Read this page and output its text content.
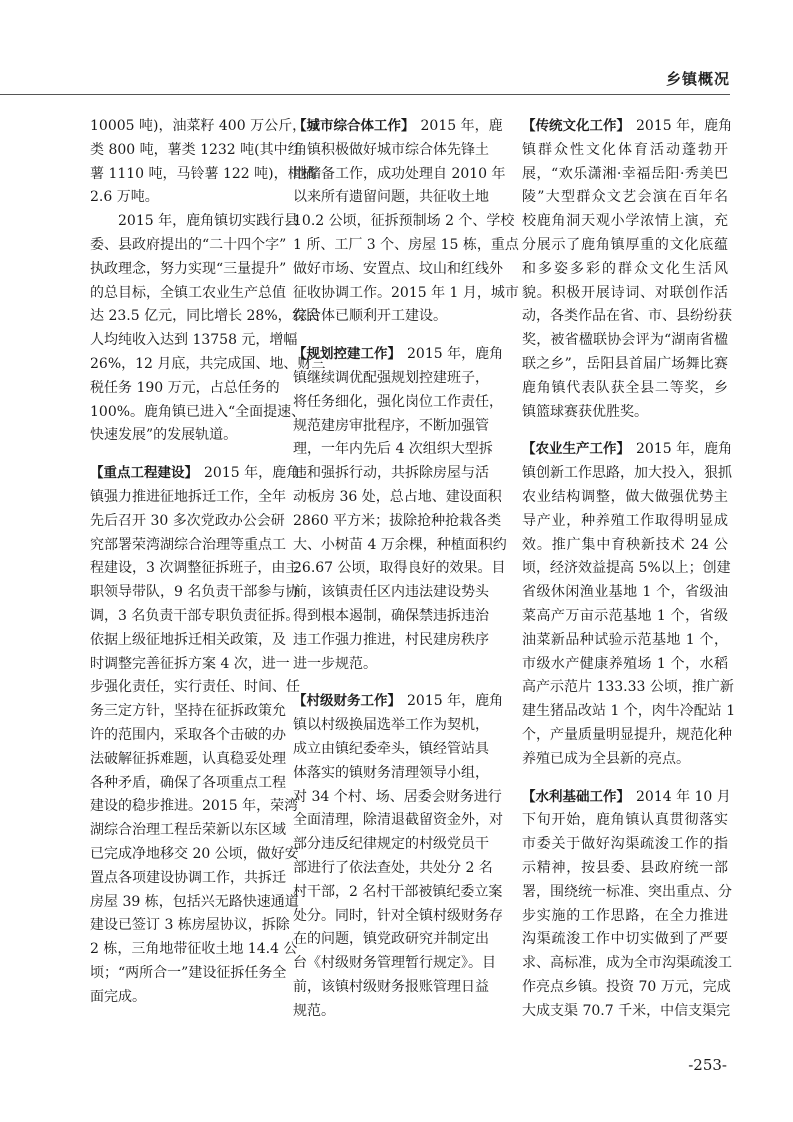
乡镇概况
10005 吨)，油菜籽 400 万公斤，豆
类 800 吨，薯类 1232 吨(其中红
薯 1110 吨，马铃薯 122 吨)，柑橘
2.6 万吨。
2015 年，鹿角镇切实践行县
委、县政府提出的“二十四个字”
执政理念，努力实现“三量提升”
的总目标，全镇工农业生产总值
达 23.5 亿元，同比增长 28%，农民
人均纯收入达到 13758 元，增幅
26%，12 月底，共完成国、地、财三
税任务 190 万元，占总任务的
100%。鹿角镇已进入“全面提速、
快速发展”的发展轨道。
【重点工程建设】 2015 年，鹿角
镇强力推进征地拆迁工作，全年
先后召开 30 多次党政办公会研
究部署荣湾湖综合治理等重点工
程建设，3 次调整征拆班子，由主
职领导带队，9 名负责干部参与协
调，3 名负责干部专职负责征拆。
依据上级征地拆迁相关政策，及
时调整完善征拆方案 4 次，进一
步强化责任，实行责任、时间、任
务三定方针，坚持在征拆政策允
许的范围内，采取各个击破的办
法破解征拆难题，认真稳妥处理
各种矛盾，确保了各项重点工程
建设的稳步推进。2015 年，荣湾
湖综合治理工程岳荣新以东区域
已完成净地移交 20 公顷，做好安
置点各项建设协调工作，共拆迁
房屋 39 栋，包括兴无路快速通道
建设已签订 3 栋房屋协议，拆除
2 栋，三角地带征收土地 14.4 公
顷；“两所合一”建设征拆任务全
面完成。
【城市综合体工作】 2015 年，鹿
角镇积极做好城市综合体先锋土
地储备工作，成功处理自 2010 年
以来所有遗留问题，共征收土地
10.2 公顷，征拆预制场 2 个、学校
1 所、工厂 3 个、房屋 15 栋，重点
做好市场、安置点、坟山和红线外
征收协调工作。2015 年 1 月，城市
综合体已顺利开工建设。
【规划控建工作】 2015 年，鹿角
镇继续调优配强规划控建班子，
将任务细化，强化岗位工作责任，
规范建房审批程序，不断加强管
理，一年内先后 4 次组织大型拆
违和强拆行动，共拆除房屋与活
动板房 36 处，总占地、建设面积
2860 平方米；拔除抢种抢栽各类
大、小树苗 4 万余棵，种植面积约
26.67 公顷，取得良好的效果。目
前，该镇责任区内违法建设势头
得到根本遏制，确保禁违拆违治
违工作强力推进，村民建房秩序
进一步规范。
【村级财务工作】 2015 年，鹿角
镇以村级换届选举工作为契机，
成立由镇纪委牵头，镇经管站具
体落实的镇财务清理领导小组，
对 34 个村、场、居委会财务进行
全面清理，除清退截留资金外，对
部分违反纪律规定的村级党员干
部进行了依法查处，共处分 2 名
村干部，2 名村干部被镇纪委立案
处分。同时，针对全镇村级财务存
在的问题，镇党政研究并制定出
台《村级财务管理暂行规定》。目
前，该镇村级财务报账管理日益
规范。
【传统文化工作】 2015 年，鹿角
镇群众性文化体育活动蓬勃开
展，“欢乐潇湘·幸福岳阳·秀美巴
陵”大型群众文艺会演在百年名
校鹿角洞天观小学浓情上演，充
分展示了鹿角镇厚重的文化底蕴
和多姿多彩的群众文化生活风
貌。积极开展诗词、对联创作活
动，各类作品在省、市、县纷纷获
奖，被省楹联协会评为“湖南省楹
联之乡”，岳阳县首届广场舞比赛
鹿角镇代表队获全县二等奖，乡
镇篮球赛获优胜奖。
【农业生产工作】 2015 年，鹿角
镇创新工作思路，加大投入，狠抓
农业结构调整，做大做强优势主
导产业，种养殖工作取得明显成
效。推广集中育秧新技术 24 公
顷，经济效益提高 5%以上；创建
省级休闲渔业基地 1 个，省级油
菜高产万亩示范基地 1 个，省级
油菜新品种试验示范基地 1 个，
市级水产健康养殖场 1 个，水稻
高产示范片 133.33 公顷，推广新
建生猪品改站 1 个，肉牛冷配站 1
个，产量质量明显提升，规范化种
养殖已成为全县新的亮点。
【水利基础工作】 2014 年 10 月
下旬开始，鹿角镇认真贯彻落实
市委关于做好沟渠疏浚工作的指
示精神，按县委、县政府统一部
署，围绕统一标准、突出重点、分
步实施的工作思路，在全力推进
沟渠疏浚工作中切实做到了严要
求、高标准，成为全市沟渠疏浚工
作亮点乡镇。投资 70 万元，完成
大成支渠 70.7 千米，中信支渠完
-253-
